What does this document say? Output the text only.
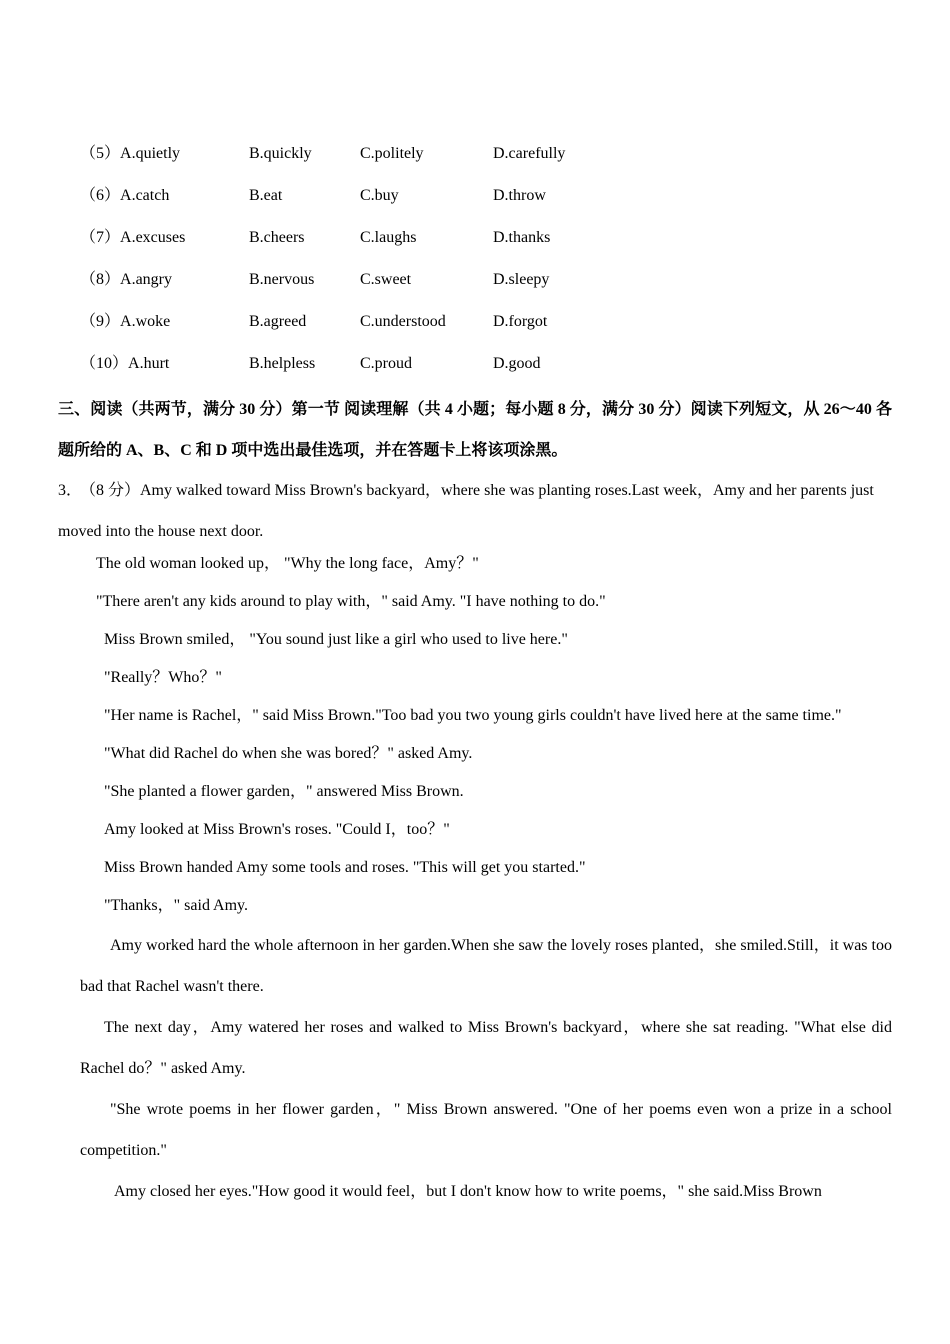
（5）A.quietly	B.quickly	C.politely	D.carefully
（6）A.catch	B.eat	C.buy	D.throw
（7）A.excuses	B.cheers	C.laughs	D.thanks
（8）A.angry	B.nervous	C.sweet	D.sleepy
（9）A.woke	B.agreed	C.understood	D.forgot
（10）A.hurt	B.helpless	C.proud	D.good
三、阅读（共两节，满分 30 分）第一节 阅读理解（共 4 小题；每小题 8 分，满分 30 分）阅读下列短文，从 26～40 各题所给的 A、B、C 和 D 项中选出最佳选项，并在答题卡上将该项涂黑。
3．（8 分）Amy walked toward Miss Brown's backyard，where she was planting roses.Last week，Amy and her parents just moved into the house next door.

The old woman looked up， "Why the long face，Amy？"

"There aren't any kids around to play with，" said Amy. "I have nothing to do."

Miss Brown smiled， "You sound just like a girl who used to live here."

"Really？Who？"

"Her name is Rachel，" said Miss Brown."Too bad you two young girls couldn't have lived here at the same time."

"What did Rachel do when she was bored？" asked Amy.

"She planted a flower garden，" answered Miss Brown.

Amy looked at Miss Brown's roses. "Could I，too？"

Miss Brown handed Amy some tools and roses. "This will get you started."

"Thanks，" said Amy.

Amy worked hard the whole afternoon in her garden.When she saw the lovely roses planted，she smiled.Still，it was too bad that Rachel wasn't there.

The next day，Amy watered her roses and walked to Miss Brown's backyard，where she sat reading. "What else did Rachel do？" asked Amy.

"She wrote poems in her flower garden，" Miss Brown answered. "One of her poems even won a prize in a school competition."

Amy closed her eyes."How good it would feel，but I don't know how to write poems，" she said.Miss Brown
